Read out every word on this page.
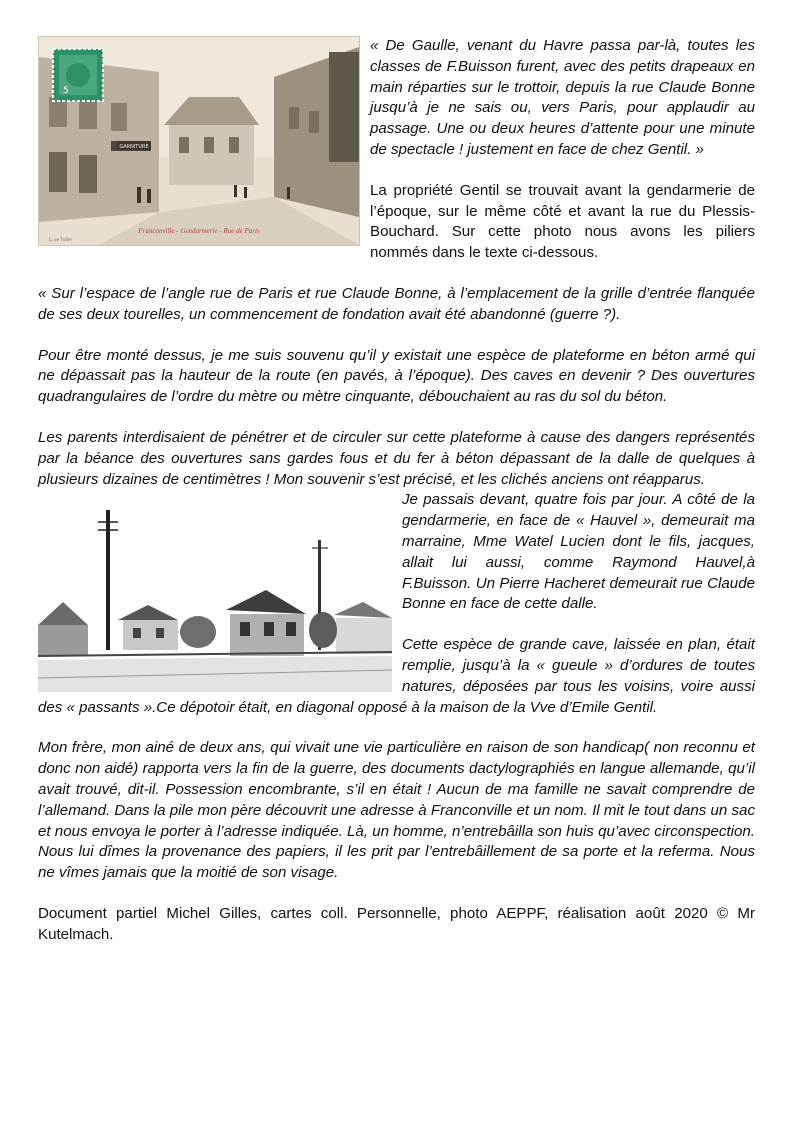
GARNITURE
5
Franconville - Gendarmerie - Rue de Paris
L. ce Toller

« De Gaulle, venant du Havre passa par-là, toutes les classes de F.Buisson furent, avec des petits drapeaux en main réparties sur le trottoir, depuis la rue Claude Bonne jusqu’à je ne sais ou, vers Paris, pour applaudir au passage. Une ou deux heures d’attente pour une minute de spectacle ! justement en face de chez Gentil. »

La propriété Gentil se trouvait avant la gendarmerie de l’époque, sur le même côté et avant la rue du Plessis-Bouchard. Sur cette photo nous avons les piliers nommés dans le texte ci-dessous.

« Sur l’espace de l’angle rue de Paris et rue Claude Bonne, à l’emplacement de la grille d’entrée flanquée de ses deux tourelles, un commencement de fondation avait été abandonné (guerre ?).

Pour être monté dessus, je me suis souvenu qu’il y existait une espèce de plateforme en béton armé qui ne dépassait pas la hauteur de la route (en pavés, à l’époque). Des caves en devenir ? Des ouvertures quadrangulaires de l’ordre du mètre ou mètre cinquante, débouchaient au ras du sol du béton.

Les parents interdisaient de pénétrer et de circuler sur cette plateforme à cause des dangers représentés par la béance des ouvertures sans gardes fous et du fer à béton dépassant de la dalle de quelques à plusieurs dizaines de centimètres ! Mon souvenir s’est précisé, et les clichés anciens ont réapparus.

Je passais devant, quatre fois par jour. A côté de la gendarmerie, en face de « Hauvel », demeurait ma marraine, Mme Watel Lucien dont le fils, jacques, allait lui aussi, comme Raymond Hauvel,à F.Buisson. Un Pierre Hacheret demeurait rue Claude Bonne en face de cette dalle.

Cette espèce de grande cave, laissée en plan, était remplie, jusqu’à la « gueule » d’ordures de toutes natures, déposées par tous les voisins, voire aussi des « passants ».Ce dépotoir était, en diagonal opposé à la maison de la Vve d’Emile Gentil.

Mon frère, mon ainé de deux ans, qui vivait une vie particulière en raison de son handicap( non reconnu et donc non aidé) rapporta vers la fin de la guerre, des documents dactylographiés en langue allemande, qu’il avait trouvé, dit-il. Possession encombrante, s’il en était ! Aucun de ma famille ne savait comprendre de l’allemand. Dans la pile mon père découvrit une adresse à Franconville et un nom. Il mit le tout dans un sac et nous envoya le porter à l’adresse indiquée. Là, un homme, n’entrebâilla son huis qu’avec circonspection. Nous lui dîmes la provenance des papiers, il les prit par l’entrebâillement de sa porte et la referma. Nous ne vîmes jamais que la moitié de son visage.

Document partiel Michel Gilles, cartes coll. Personnelle, photo AEPPF, réalisation août 2020 © Mr Kutelmach.
